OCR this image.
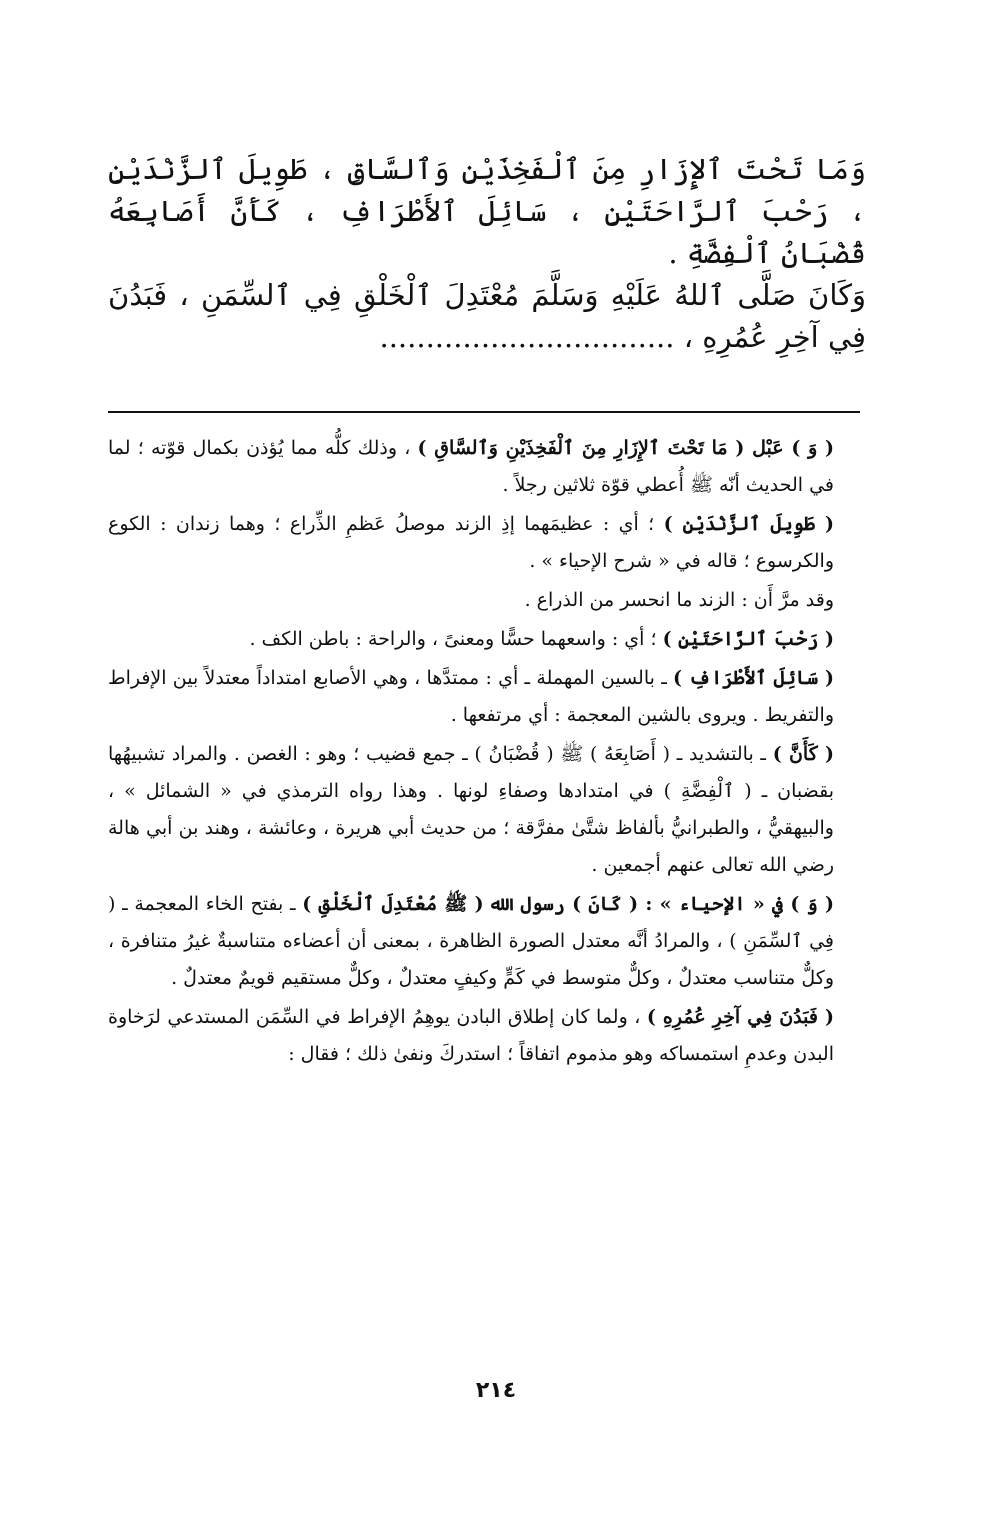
وَمَا تَحْتَ ٱلإِزَارِ مِنَ ٱلْفَخِذَيْنِ وَٱلسَّاقِ ، طَوِيلَ ٱلزَّنْدَيْنِ ، رَحْبَ ٱلرَّاحَتَيْنِ ، سَائِلَ ٱلأَطْرَافِ ، كَأَنَّ أَصَابِعَهُ قُضْبَانُ ٱلْفِضَّةِ .

وَكَانَ صَلَّى ٱللهُ عَلَيْهِ وَسَلَّمَ مُعْتَدِلَ ٱلْخَلْقِ فِي ٱلسِّمَنِ ، فَبَدُنَ فِي آخِرِ عُمُرِهِ ، ................................

( وَ ) عَبْل ( مَا تَحْتَ ٱلإِزَارِ مِنَ ٱلْفَخِذَيْنِ وَٱلسَّاقِ ) ، وذلك كلُّه مما يُؤذن بكمال قوّته ؛ لما في الحديث أنّه ﷺ أُعطي قوّة ثلاثين رجلاً .

( طَوِيلَ ٱلزَّنْدَيْنِ ) ؛ أي : عظيمَهما إذِ الزند موصلُ عَظمِ الذِّراع ؛ وهما زندان : الكوع والكرسوع ؛ قاله في « شرح الإحياء » .

وقد مرَّ أَن : الزند ما انحسر من الذراع .

( رَحْبَ ٱلرَّاحَتَيْنِ ) ؛ أي : واسعهما حسًّا ومعنىً ، والراحة : باطن الكف .

( سَائِلَ ٱلأَطْرَافِ ) ـ بالسين المهملة ـ أي : ممتدَّها ، وهي الأصابع امتداداً معتدلاً بين الإفراط والتفريط . ويروى بالشين المعجمة : أي مرتفعها .

( كَأَنَّ ) ـ بالتشديد ـ ( أَصَابِعَهُ ) ﷺ ( قُضْبَانُ ) ـ جمع قضيب ؛ وهو : الغصن . والمراد تشبيهُها بقضبان ـ ( ٱلْفِضَّةِ ) في امتدادها وصفاءِ لونها . وهذا رواه الترمذي في « الشمائل » ، والبيهقيُّ ، والطبرانيُّ بألفاظ شتَّىٰ مفرَّقة ؛ من حديث أبي هريرة ، وعائشة ، وهند بن أبي هالة رضي الله تعالى عنهم أجمعين .

( وَ ) في « الإحياء » : ( كَانَ ) رسول الله ( ﷺ مُعْتَدِلَ ٱلْخَلْقِ ) ـ بفتح الخاء المعجمة ـ ( فِي ٱلسِّمَنِ ) ، والمرادُ أنَّه معتدل الصورة الظاهرة ، بمعنى أن أعضاءه متناسبةٌ غيرُ متنافرة ، وكلٌّ متناسب معتدلٌ ، وكلٌّ متوسط في كَمٍّ وكيفٍ معتدلٌ ، وكلٌّ مستقيم قويمٌ معتدلٌ .

( فَبَدُنَ فِي آخِرِ عُمُرِهِ ) ، ولما كان إطلاق البادن يوهِمُ الإفراط في السِّمَن المستدعي لرَخاوة البدن وعدمِ استمساكه وهو مذموم اتفاقاً ؛ استدركَ ونفىٰ ذلك ؛ فقال :

٢١٤
